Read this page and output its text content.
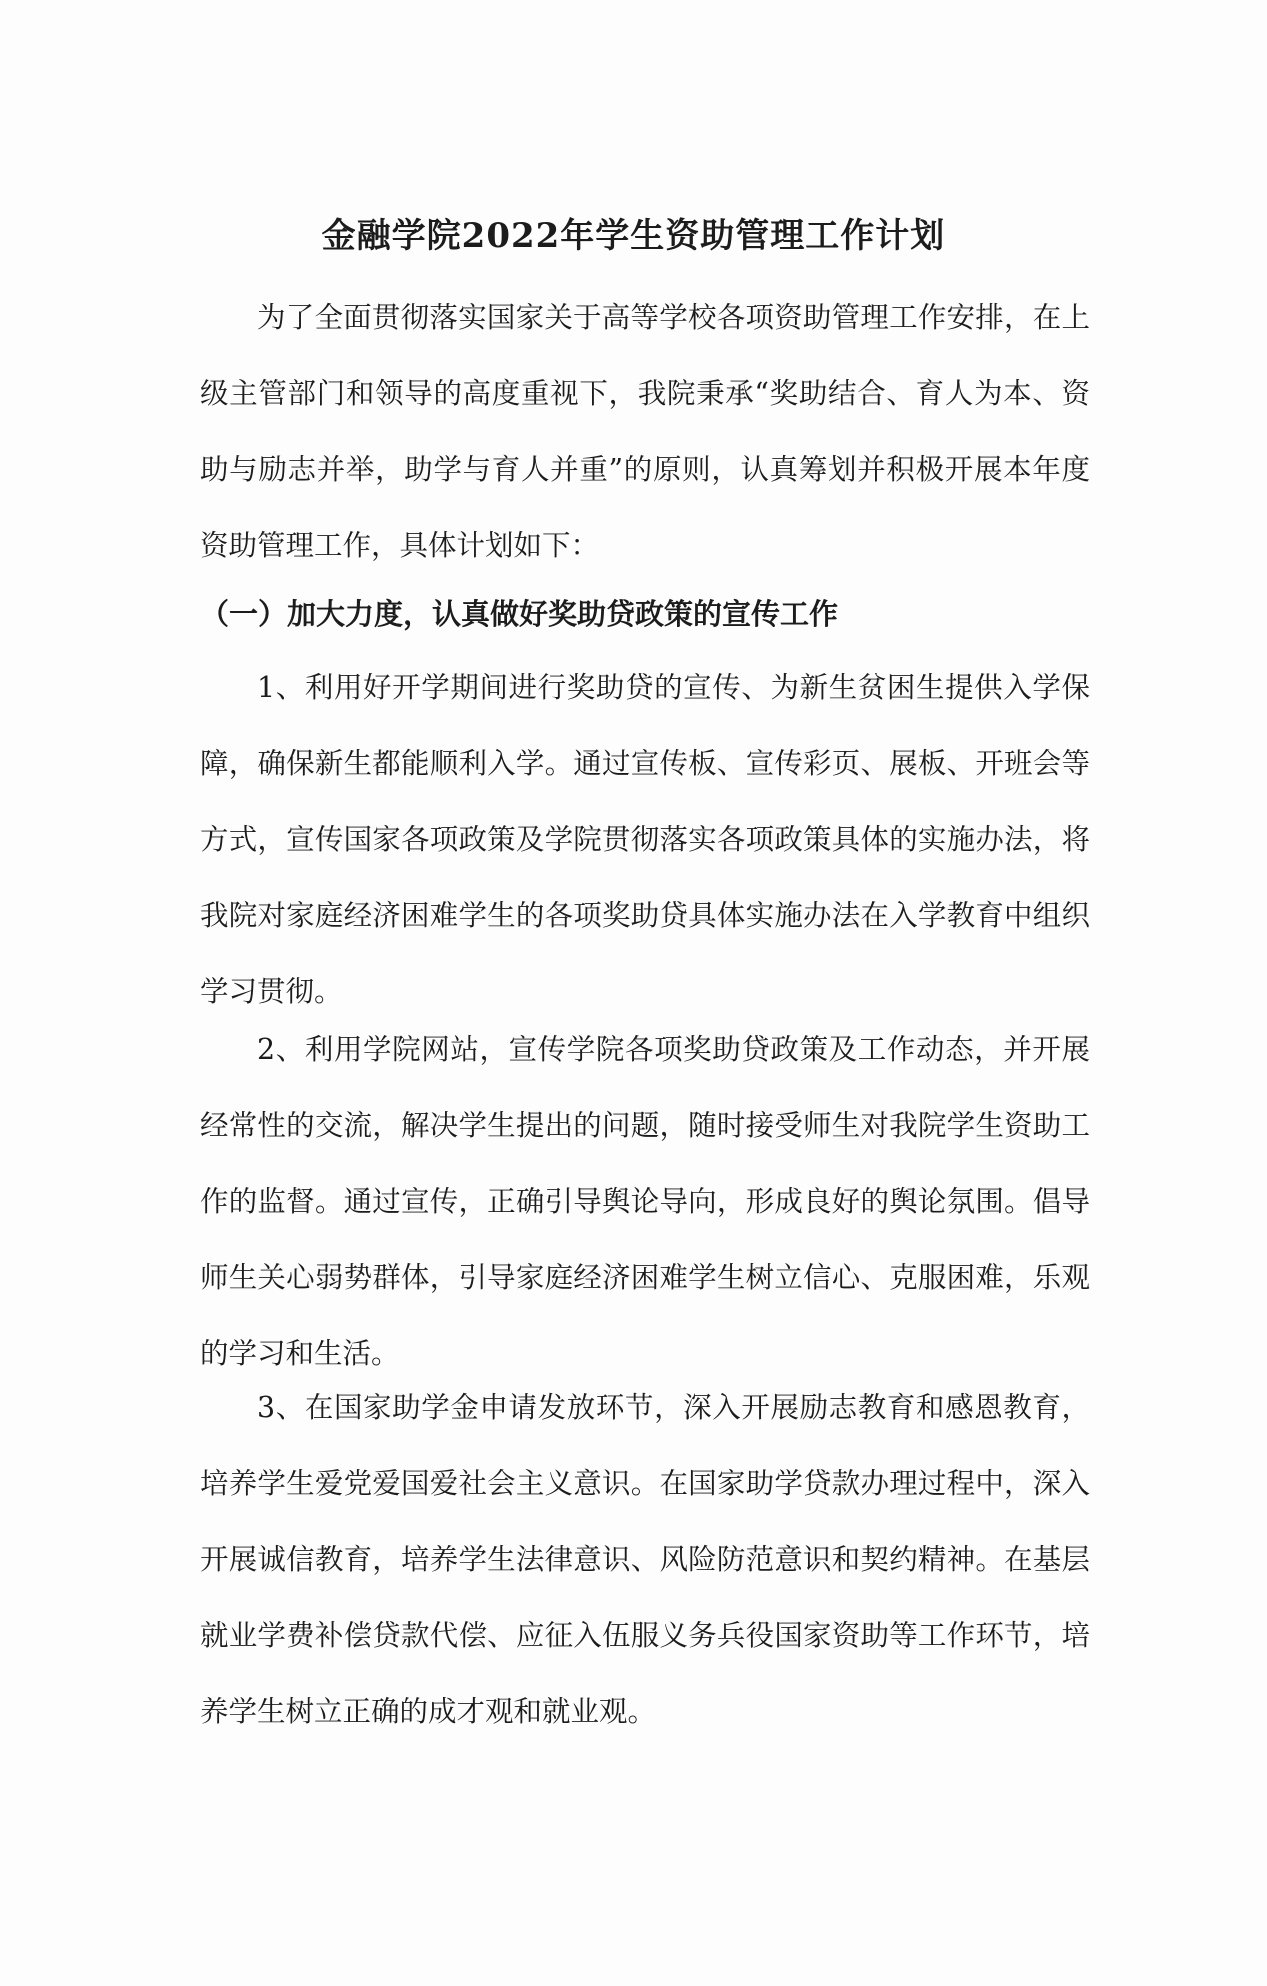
金融学院2022年学生资助管理工作计划

为了全面贯彻落实国家关于高等学校各项资助管理工作安排，在上级主管部门和领导的高度重视下，我院秉承“奖助结合、育人为本、资助与励志并举，助学与育人并重”的原则，认真筹划并积极开展本年度资助管理工作，具体计划如下：

（一）加大力度，认真做好奖助贷政策的宣传工作

1、利用好开学期间进行奖助贷的宣传、为新生贫困生提供入学保障，确保新生都能顺利入学。通过宣传板、宣传彩页、展板、开班会等方式，宣传国家各项政策及学院贯彻落实各项政策具体的实施办法，将我院对家庭经济困难学生的各项奖助贷具体实施办法在入学教育中组织学习贯彻。

2、利用学院网站，宣传学院各项奖助贷政策及工作动态，并开展经常性的交流，解决学生提出的问题，随时接受师生对我院学生资助工作的监督。通过宣传，正确引导舆论导向，形成良好的舆论氛围。倡导师生关心弱势群体，引导家庭经济困难学生树立信心、克服困难，乐观的学习和生活。

3、在国家助学金申请发放环节，深入开展励志教育和感恩教育，培养学生爱党爱国爱社会主义意识。在国家助学贷款办理过程中，深入开展诚信教育，培养学生法律意识、风险防范意识和契约精神。在基层就业学费补偿贷款代偿、应征入伍服义务兵役国家资助等工作环节，培养学生树立正确的成才观和就业观。
